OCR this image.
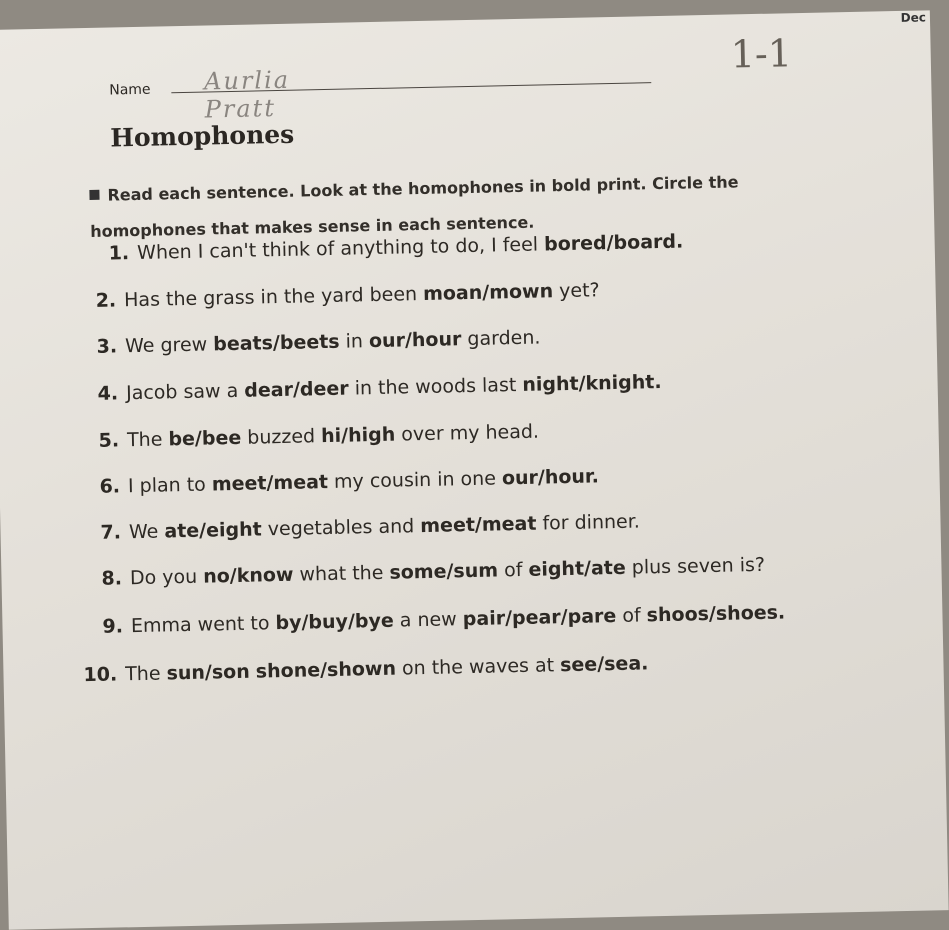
Dec
Name Aurlia Pratt
1-1
Homophones
Read each sentence. Look at the homophones in bold print. Circle the homophones that makes sense in each sentence.
1. When I can't think of anything to do, I feel bored/board.
2. Has the grass in the yard been moan/mown yet?
3. We grew beats/beets in our/hour garden.
4. Jacob saw a dear/deer in the woods last night/knight.
5. The be/bee buzzed hi/high over my head.
6. I plan to meet/meat my cousin in one our/hour.
7. We ate/eight vegetables and meet/meat for dinner.
8. Do you no/know what the some/sum of eight/ate plus seven is?
9. Emma went to by/buy/bye a new pair/pear/pare of shoos/shoes.
10. The sun/son shone/shown on the waves at see/sea.
